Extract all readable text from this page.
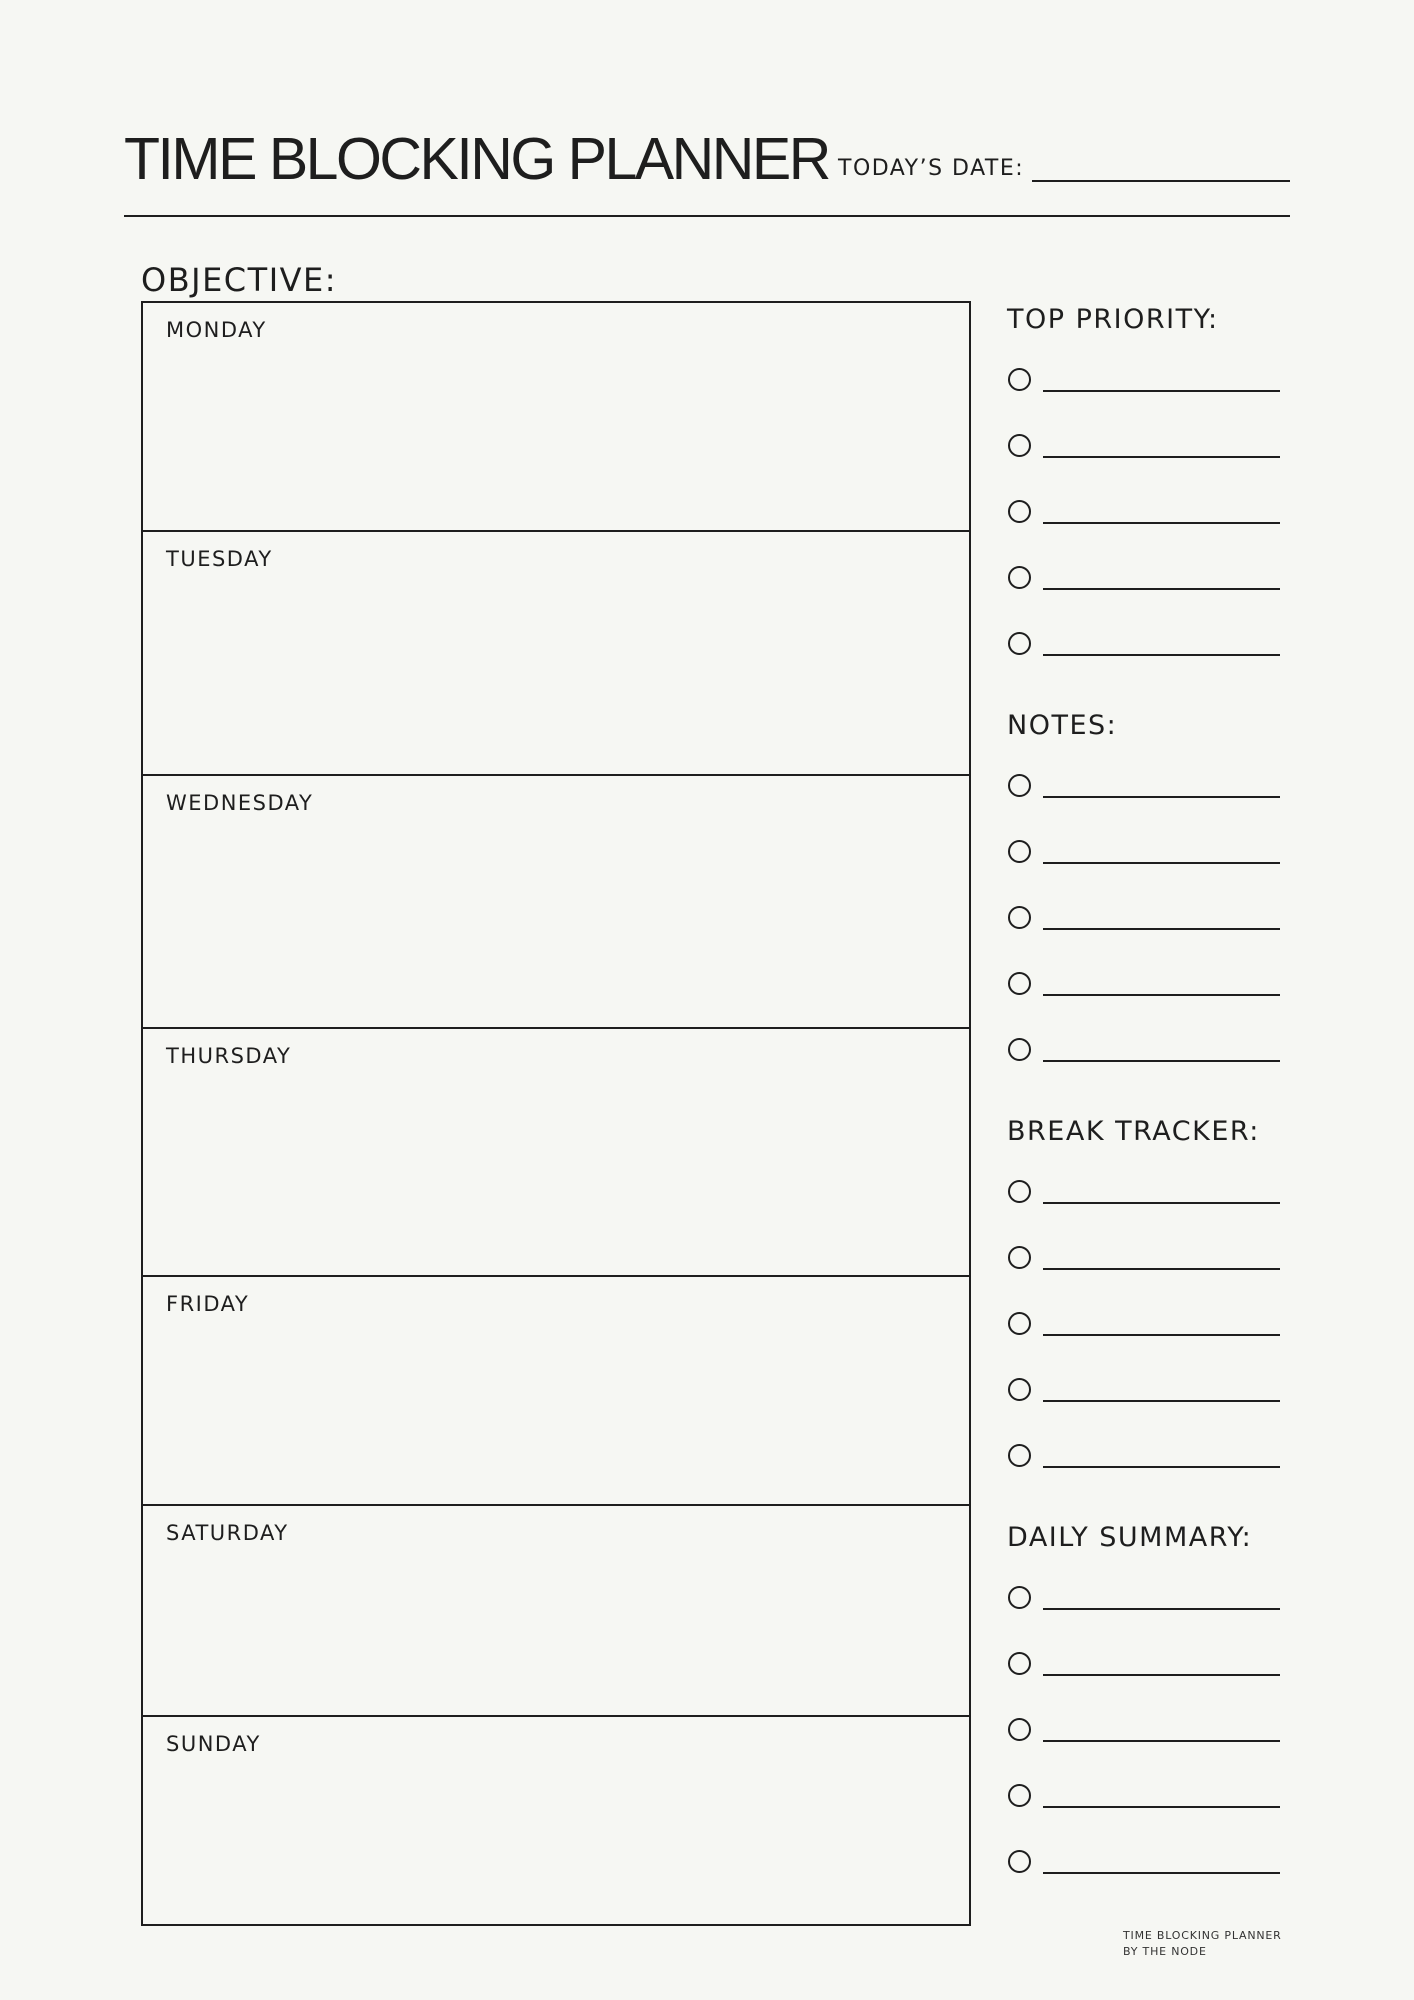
TIME BLOCKING PLANNER TODAY’S DATE:
OBJECTIVE:
MONDAY
TUESDAY
WEDNESDAY
THURSDAY
FRIDAY
SATURDAY
SUNDAY
TOP PRIORITY:
NOTES:
BREAK TRACKER:
DAILY SUMMARY:
TIME BLOCKING PLANNER
BY THE NODE
